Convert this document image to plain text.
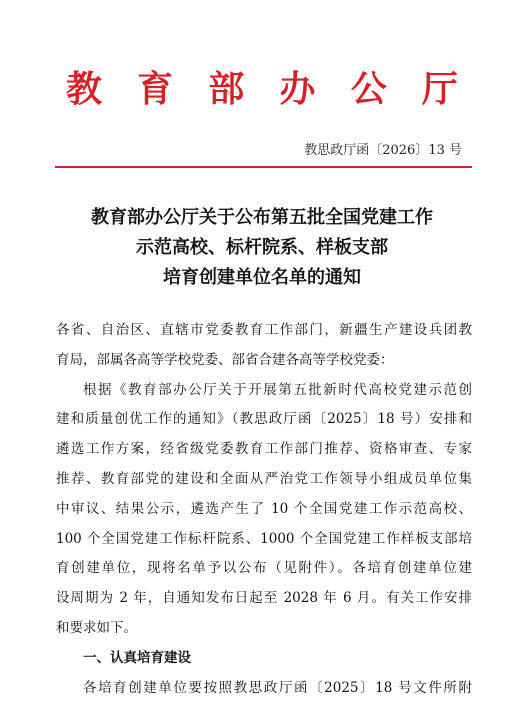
教 育 部 办 公 厅
教思政厅函〔2026〕13 号
教育部办公厅关于公布第五批全国党建工作
示范高校、标杆院系、样板支部
培育创建单位名单的通知
各省、自治区、直辖市党委教育工作部门，新疆生产建设兵团教
育局，部属各高等学校党委、部省合建各高等学校党委：
根据《教育部办公厅关于开展第五批新时代高校党建示范创
建和质量创优工作的通知》（教思政厅函〔2025〕18 号）安排和
遴选工作方案，经省级党委教育工作部门推荐、资格审查、专家
推荐、教育部党的建设和全面从严治党工作领导小组成员单位集
中审议、结果公示，遴选产生了 10 个全国党建工作示范高校、
100 个全国党建工作标杆院系、1000 个全国党建工作样板支部培
育创建单位，现将名单予以公布（见附件）。各培育创建单位建
设周期为 2 年，自通知发布日起至 2028 年 6 月。有关工作安排
和要求如下。
一、认真培育建设
各培育创建单位要按照教思政厅函〔2025〕18 号文件所附
